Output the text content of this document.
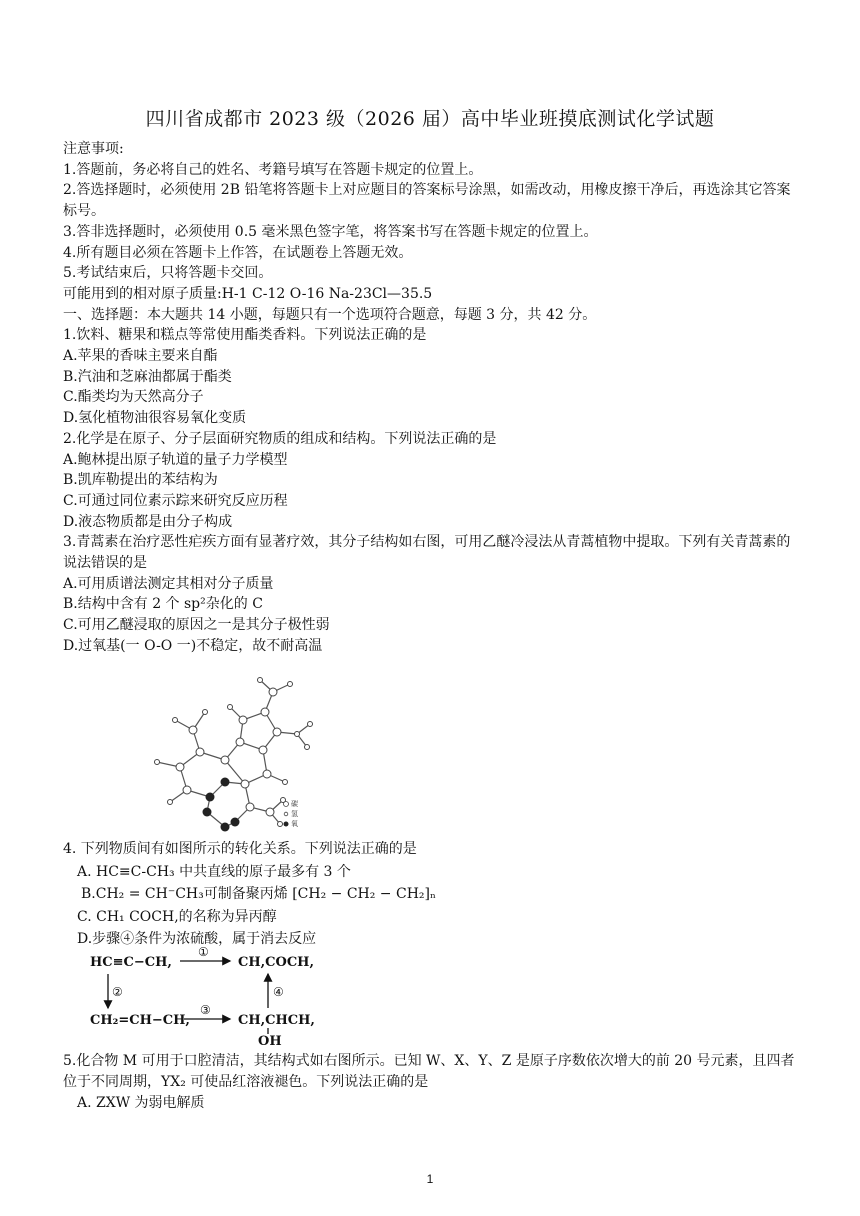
四川省成都市 2023 级（2026 届）高中毕业班摸底测试化学试题

注意事项:

1.答题前，务必将自己的姓名、考籍号填写在答题卡规定的位置上。

2.答选择题时，必须使用 2B 铅笔将答题卡上对应题目的答案标号涂黑，如需改动，用橡皮擦干净后，再选涂其它答案标号。

3.答非选择题时，必须使用 0.5 毫米黑色签字笔，将答案书写在答题卡规定的位置上。

4.所有题目必须在答题卡上作答，在试题卷上答题无效。

5.考试结束后，只将答题卡交回。

可能用到的相对原子质量:H-1 C-12 O-16 Na-23Cl—35.5

一、选择题：本大题共 14 小题，每题只有一个选项符合题意，每题 3 分，共 42 分。

1.饮料、糖果和糕点等常使用酯类香料。下列说法正确的是

A.苹果的香味主要来自酯

B.汽油和芝麻油都属于酯类

C.酯类均为天然高分子

D.氢化植物油很容易氧化变质

2.化学是在原子、分子层面研究物质的组成和结构。下列说法正确的是

A.鲍林提出原子轨道的量子力学模型

B.凯库勒提出的苯结构为

C.可通过同位素示踪来研究反应历程

D.液态物质都是由分子构成

3.青蒿素在治疗恶性疟疾方面有显著疗效，其分子结构如右图，可用乙醚冷浸法从青蒿植物中提取。下列有关青蒿素的说法错误的是

A.可用质谱法测定其相对分子质量

B.结构中含有 2 个 sp²杂化的 C

C.可用乙醚浸取的原因之一是其分子极性弱

D.过氧基(一 O-O 一)不稳定，故不耐高温

碳
氢
氧

4. 下列物质间有如图所示的转化关系。下列说法正确的是

A. HC≡C-CH₃ 中共直线的原子最多有 3 个

B.CH₂ = CH⁻CH₃可制备聚丙烯 [CH₂ − CH₂ − CH₂]ₙ

C. CH₁ COCH,的名称为异丙醇

D.步骤④条件为浓硫酸，属于消去反应

HC≡C−CH,	CH,COCH,
CH₂=CH−CH,	CH,CHCH,
OH
①
③
②	④

5.化合物 M 可用于口腔清洁，其结构式如右图所示。已知 W、X、Y、Z 是原子序数依次增大的前 20 号元素，且四者位于不同周期，YX₂ 可使品红溶液褪色。下列说法正确的是

A. ZXW 为弱电解质

1
